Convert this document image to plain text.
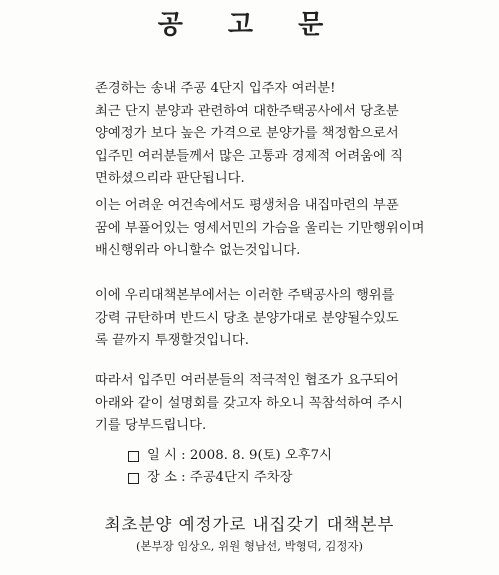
공 고 문
존경하는 송내 주공 4단지 입주자 여러분!
최근 단지 분양과 관련하여 대한주택공사에서 당초분
양예정가 보다 높은 가격으로 분양가를 책정함으로서
입주민 여러분들께서 많은 고통과 경제적 어려움에 직
면하셨으리라 판단됩니다.
이는 어려운 여건속에서도 평생처음 내집마련의 부푼
꿈에 부풀어있는 영세서민의 가슴을 울리는 기만행위이며
배신행위라 아니할수 없는것입니다.
이에 우리대책본부에서는 이러한 주택공사의 행위를
강력 규탄하며 반드시 당초 분양가대로 분양될수있도
록 끝까지 투쟁할것입니다.
따라서 입주민 여러분들의 적극적인 협조가 요구되어
아래와 같이 설명회를 갖고자 하오니 꼭참석하여 주시
기를 당부드립니다.
일 시 : 2008. 8. 9(토) 오후7시
장 소 : 주공4단지 주차장
최초분양 예정가로 내집갖기 대책본부
(본부장 임상오, 위원 형남선, 박형덕, 김정자)
